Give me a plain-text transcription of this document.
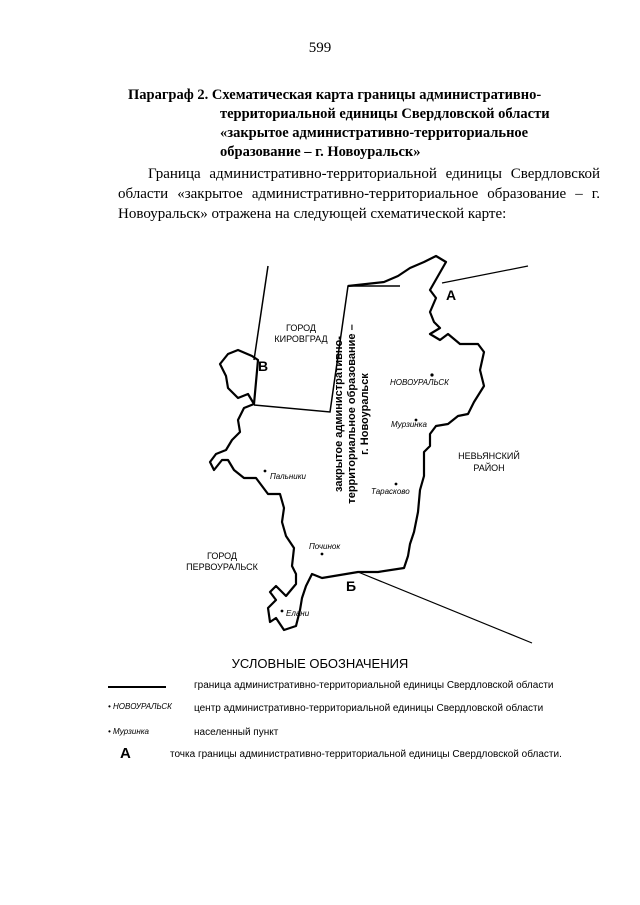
599
Параграф 2. Схематическая карта границы административно-
территориальной единицы Свердловской области
«закрытое административно-территориальное
образование – г. Новоуральск»
Граница административно-территориальной единицы Свердловской области «закрытое административно-территориальное образование – г. Новоуральск» отражена на следующей схематической карте:
ГОРОД
КИРОВГРАД
НЕВЬЯНСКИЙ
РАЙОН
ГОРОД
ПЕРВОУРАЛЬСК
закрытое административно- территориальное образование – г. Новоуральск НОВОУРАЛЬСК
Мурзинка
Пальники
Тарасково
Починок
Елани
А
Б
В
УСЛОВНЫЕ ОБОЗНАЧЕНИЯ
граница административно-территориальной единицы Свердловской области
• НОВОУРАЛЬСК центр административно-территориальной единицы Свердловской области
• Мурзинка	населенный пункт
А	точка границы административно-территориальной единицы Свердловской области.
